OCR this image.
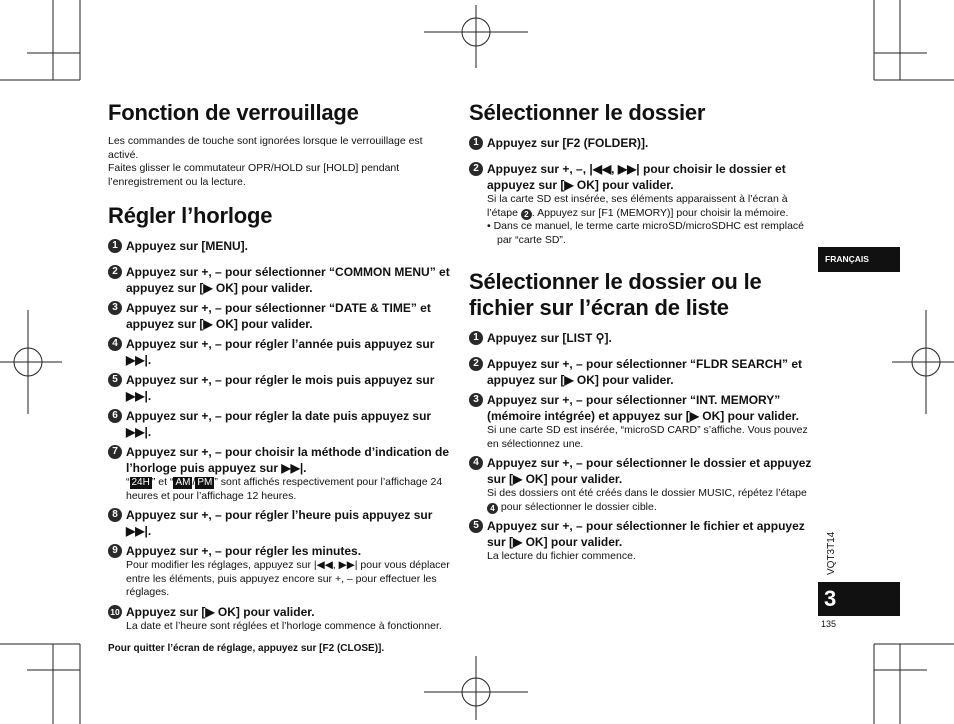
Fonction de verrouillage
Les commandes de touche sont ignorées lorsque le verrouillage est activé.
Faites glisser le commutateur OPR/HOLD sur [HOLD] pendant l’enregistrement ou la lecture.
Régler l’horloge
1 Appuyez sur [MENU].
2 Appuyez sur +, – pour sélectionner “COMMON MENU” et appuyez sur [▶ OK] pour valider.
3 Appuyez sur +, – pour sélectionner “DATE & TIME” et appuyez sur [▶ OK] pour valider.
4 Appuyez sur +, – pour régler l’année puis appuyez sur ▶▶|.
5 Appuyez sur +, – pour régler le mois puis appuyez sur ▶▶|.
6 Appuyez sur +, – pour régler la date puis appuyez sur ▶▶|.
7 Appuyez sur +, – pour choisir la méthode d’indication de l’horloge puis appuyez sur ▶▶|.
“ 24H ” et “ AM / PM ” sont affichés respectivement pour l’affichage 24 heures et pour l’affichage 12 heures.
8 Appuyez sur +, – pour régler l’heure puis appuyez sur ▶▶|.
9 Appuyez sur +, – pour régler les minutes.
Pour modifier les réglages, appuyez sur |◀◀, ▶▶| pour vous déplacer entre les éléments, puis appuyez encore sur +, – pour effectuer les réglages.
10 Appuyez sur [▶ OK] pour valider.
La date et l’heure sont réglées et l’horloge commence à fonctionner.
Pour quitter l’écran de réglage, appuyez sur [F2 (CLOSE)].
Sélectionner le dossier
1 Appuyez sur [F2 (FOLDER)].
2 Appuyez sur +, –, |◀◀, ▶▶| pour choisir le dossier et appuyez sur [▶ OK] pour valider.
Si la carte SD est insérée, ses éléments apparaissent à l’écran à l’étape 2 . Appuyez sur [F1 (MEMORY)] pour choisir la mémoire.
• Dans ce manuel, le terme carte microSD/microSDHC est remplacé par “carte SD”.
Sélectionner le dossier ou le fichier sur l’écran de liste
1 Appuyez sur [LIST ⚲].
2 Appuyez sur +, – pour sélectionner “FLDR SEARCH” et appuyez sur [▶ OK] pour valider.
3 Appuyez sur +, – pour sélectionner “INT. MEMORY” (mémoire intégrée) et appuyez sur [▶ OK] pour valider.
Si une carte SD est insérée, “microSD CARD” s’affiche. Vous pouvez en sélectionnez une.
4 Appuyez sur +, – pour sélectionner le dossier et appuyez sur [▶ OK] pour valider.
Si des dossiers ont été créés dans le dossier MUSIC, répétez l’étape 4 pour sélectionner le dossier cible.
5 Appuyez sur +, – pour sélectionner le fichier et appuyez sur [▶ OK] pour valider.
La lecture du fichier commence.
FRANÇAIS
VQT3T14
3
135
